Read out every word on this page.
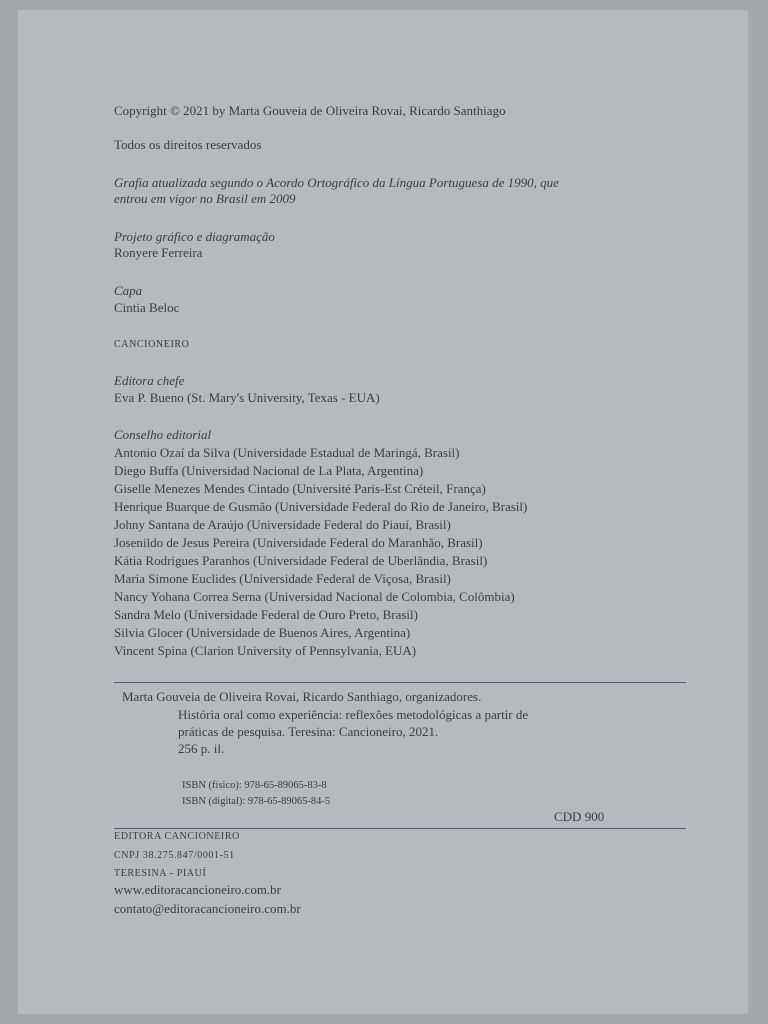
Copyright © 2021 by Marta Gouveia de Oliveira Rovai, Ricardo Santhiago
Todos os direitos reservados
Grafia atualizada segundo o Acordo Ortográfico da Língua Portuguesa de 1990, que
entrou em vigor no Brasil em 2009
Projeto gráfico e diagramação
Ronyere Ferreira
Capa
Cintia Beloc
CANCIONEIRO
Editora chefe
Eva P. Bueno (St. Mary's University, Texas - EUA)
Conselho editorial
Antonio Ozaí da Silva (Universidade Estadual de Maringá, Brasil)
Diego Buffa (Universidad Nacional de La Plata, Argentina)
Giselle Menezes Mendes Cintado (Université Paris-Est Créteil, França)
Henrique Buarque de Gusmão (Universidade Federal do Rio de Janeiro, Brasil)
Johny Santana de Araújo (Universidade Federal do Piauí, Brasil)
Josenildo de Jesus Pereira (Universidade Federal do Maranhão, Brasil)
Kátia Rodrigues Paranhos (Universidade Federal de Uberlândia, Brasil)
Maria Simone Euclides (Universidade Federal de Viçosa, Brasil)
Nancy Yohana Correa Serna (Universidad Nacional de Colombia, Colômbia)
Sandra Melo (Universidade Federal de Ouro Preto, Brasil)
Silvia Glocer (Universidade de Buenos Aires, Argentina)
Vincent Spina (Clarion University of Pennsylvania, EUA)
Marta Gouveia de Oliveira Rovai, Ricardo Santhiago, organizadores.
História oral como experiência: reflexões metodológicas a partir de
práticas de pesquisa. Teresina: Cancioneiro, 2021.
256 p. il.
ISBN (físico): 978-65-89065-83-8
ISBN (digital): 978-65-89065-84-5
CDD 900
EDITORA CANCIONEIRO
CNPJ 38.275.847/0001-51
TERESINA - PIAUÍ
www.editoracancioneiro.com.br
contato@editoracancioneiro.com.br
